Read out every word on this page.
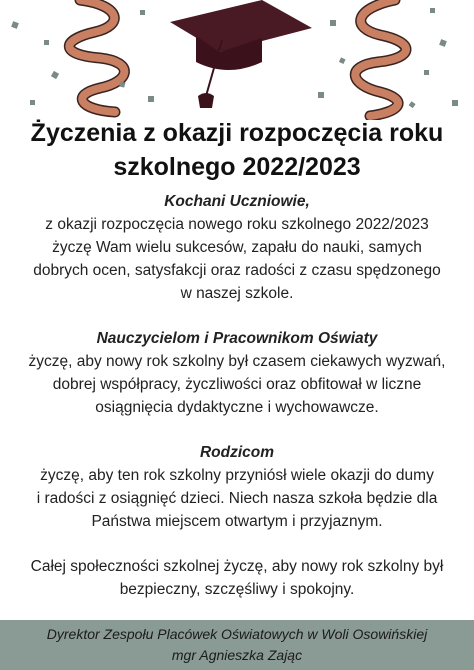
Życzenia z okazji rozpoczęcia roku
szkolnego 2022/2023

Kochani Uczniowie,

z okazji rozpoczęcia nowego roku szkolnego 2022/2023

życzę Wam wielu sukcesów, zapału do nauki, samych

dobrych ocen, satysfakcji oraz radości z czasu spędzonego

w naszej szkole.

Nauczycielom i Pracownikom Oświaty

życzę, aby nowy rok szkolny był czasem ciekawych wyzwań,

dobrej współpracy, życzliwości oraz obfitował w liczne

osiągnięcia dydaktyczne i wychowawcze.

Rodzicom

życzę, aby ten rok szkolny przyniósł wiele okazji do dumy

i radości z osiągnięć dzieci. Niech nasza szkoła będzie dla

Państwa miejscem otwartym i przyjaznym.

Całej społeczności szkolnej życzę, aby nowy rok szkolny był

bezpieczny, szczęśliwy i spokojny.

Dyrektor Zespołu Placówek Oświatowych w Woli Osowińskiej
mgr Agnieszka Zając
